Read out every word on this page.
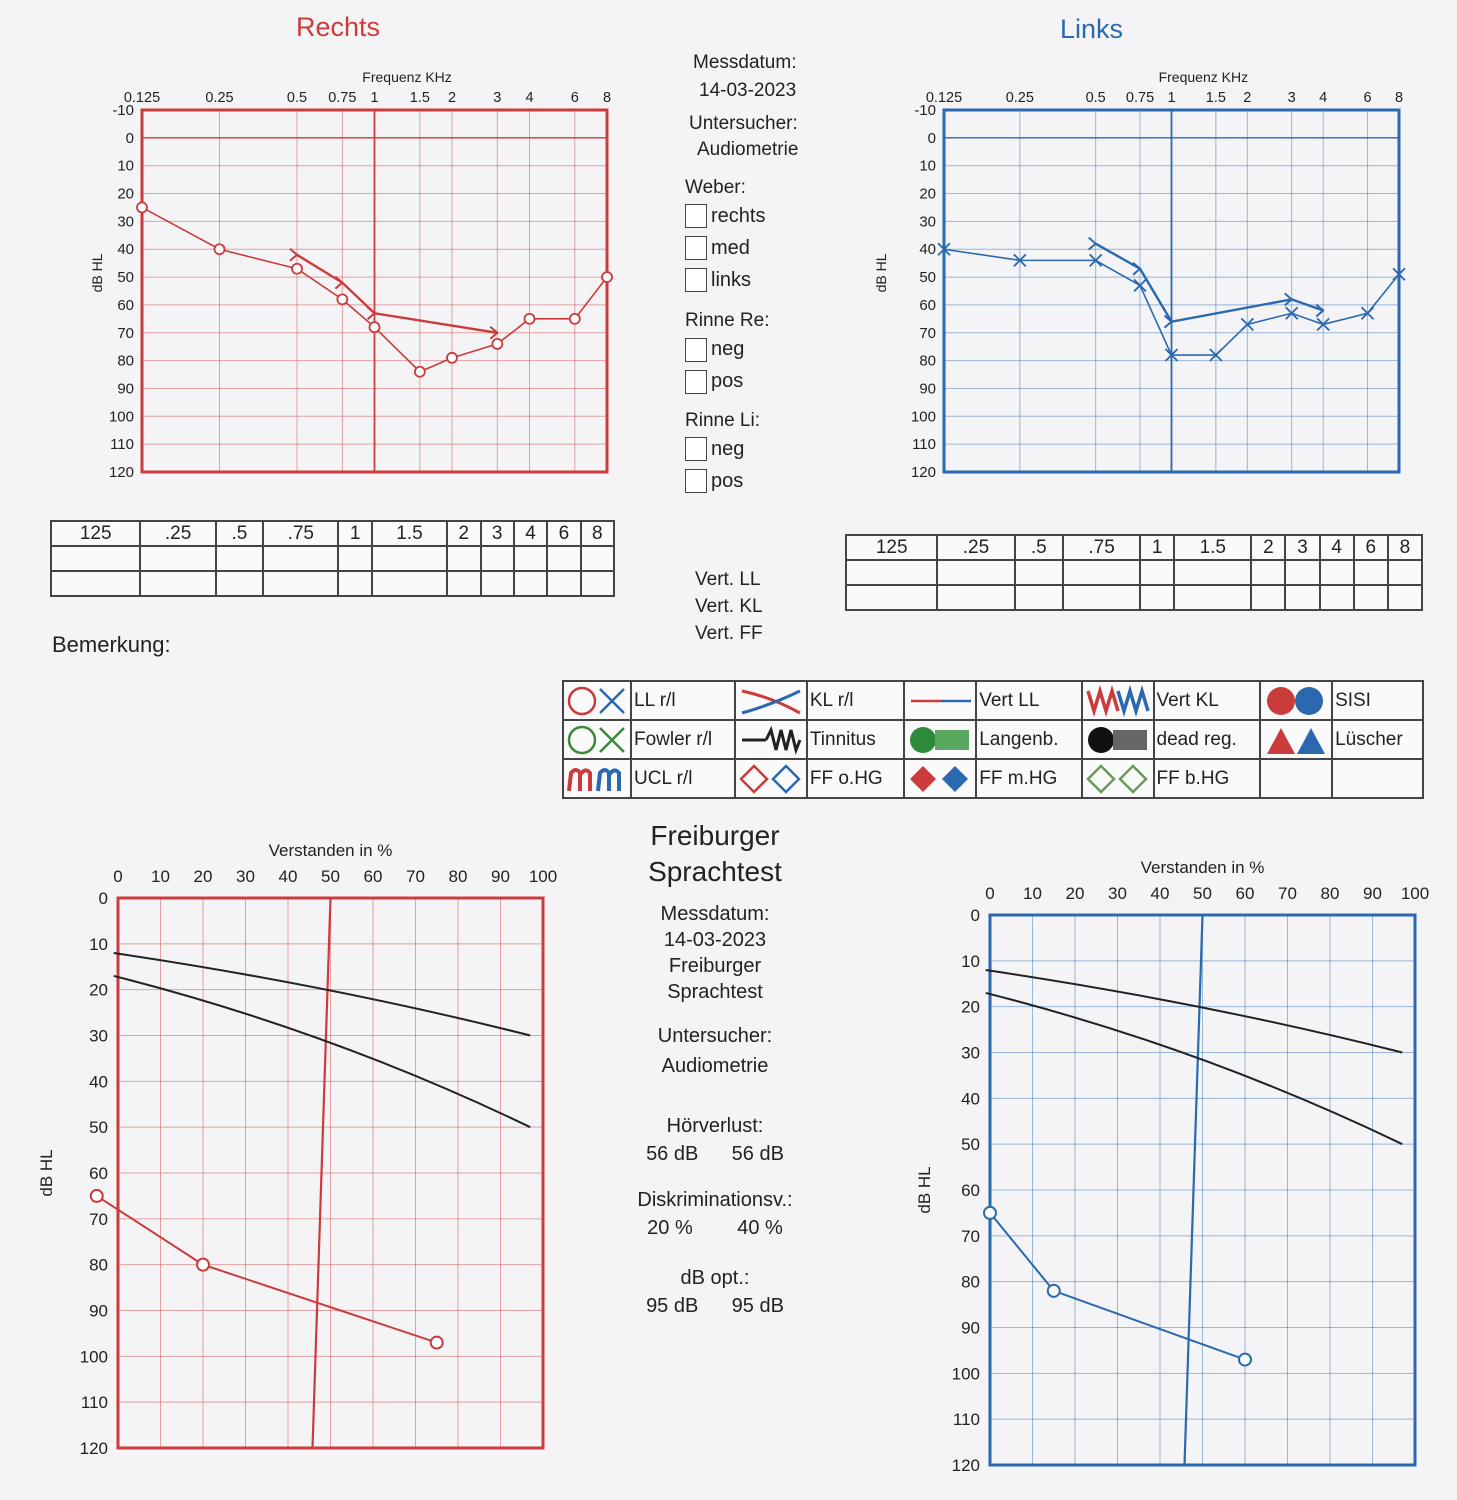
Rechts	Links
Frequenz KHz
-10
0
10
20
30
40
50
60
70
80
90
100
110
120
0.125	0.25	0.5 0.75 1 1.5 2	3 4	6 8
dB HL
Frequenz KHz
-10
0
10
20
30
40
50
60
70
80
90
100
110
120
0.125	0.25	0.5 0.75 1 1.5 2	3 4	6 8
dB HL
Messdatum:
14-03-2023
Untersucher:
Audiometrie
Weber:
rechts
med
links
Rinne Re:
neg
pos
Rinne Li:
neg
pos
125	.25	.5	.75	1	1.5	2	3	4	6	8

125	.25	.5	.75	1	1.5	2	3	4	6	8

Vert. LL
Vert. KL
Vert. FF
Bemerkung:
	LL r/l		KL r/l		Vert LL		Vert KL		SISI
	Fowler r/l		Tinnitus		Langenb.		dead reg.		Lüscher
	UCL r/l		FF o.HG		FF m.HG		FF b.HG		
Verstanden in %
0 10 20 30 40 50 60 70 80 90 100
0
10
20
30
40
50
60
70
80
90
100
110
120
dB HL
Verstanden in %
0 10 20 30 40 50 60 70 80 90 100
0
10
20
30
40
50
60
70
80
90
100
110
120
dB HL
Freiburger
Sprachtest
Messdatum:
14-03-2023
Freiburger
Sprachtest
Untersucher:
Audiometrie
Hörverlust:
56 dB 56 dB
Diskriminationsv.:
20 % 40 %
dB opt.:
95 dB 95 dB
